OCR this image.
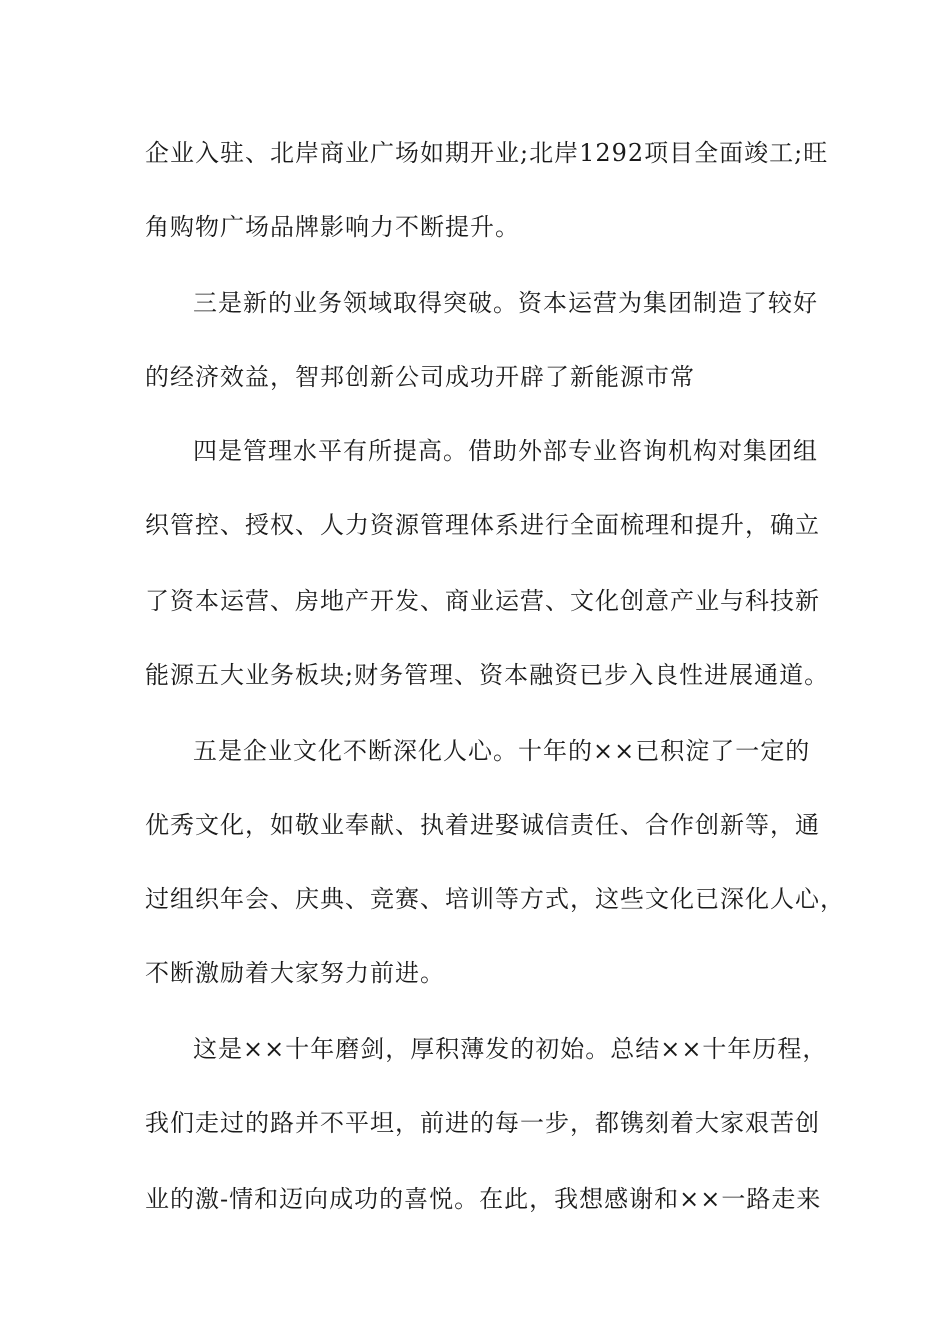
企业入驻、北岸商业广场如期开业;北岸1292项目全面竣工;旺
角购物广场品牌影响力不断提升。
三是新的业务领域取得突破。资本运营为集团制造了较好
的经济效益，智邦创新公司成功开辟了新能源市常
四是管理水平有所提高。借助外部专业咨询机构对集团组
织管控、授权、人力资源管理体系进行全面梳理和提升，确立
了资本运营、房地产开发、商业运营、文化创意产业与科技新
能源五大业务板块;财务管理、资本融资已步入良性进展通道。
五是企业文化不断深化人心。十年的××已积淀了一定的
优秀文化，如敬业奉献、执着进娶诚信责任、合作创新等，通
过组织年会、庆典、竞赛、培训等方式，这些文化已深化人心，
不断激励着大家努力前进。
这是××十年磨剑，厚积薄发的初始。总结××十年历程，
我们走过的路并不平坦，前进的每一步，都镌刻着大家艰苦创
业的激-情和迈向成功的喜悦。在此，我想感谢和××一路走来
